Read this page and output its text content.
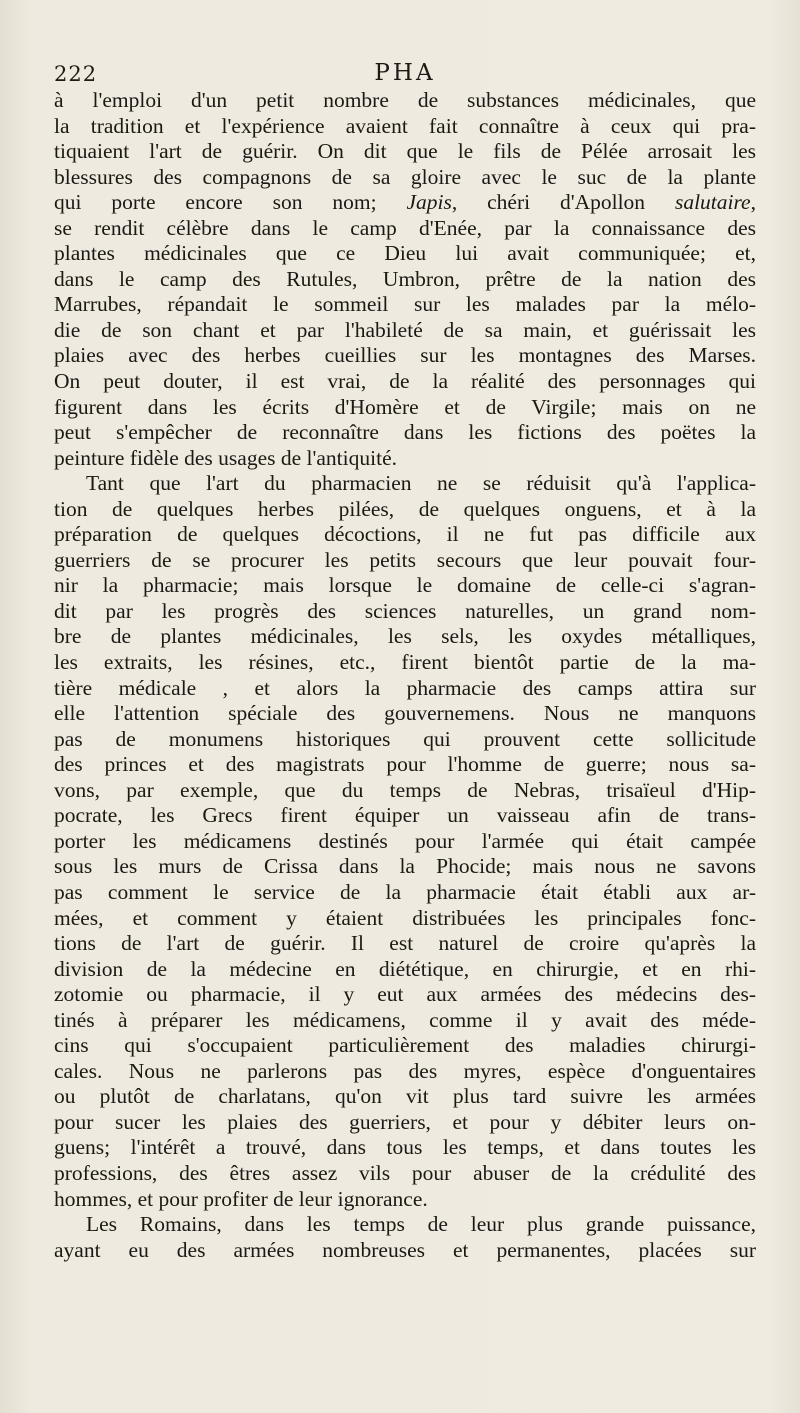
222	PHA
à l'emploi d'un petit nombre de substances médicinales, que
la tradition et l'expérience avaient fait connaître à ceux qui pra-
tiquaient l'art de guérir. On dit que le fils de Pélée arrosait les
blessures des compagnons de sa gloire avec le suc de la plante
qui porte encore son nom; Japis, chéri d'Apollon salutaire,
se rendit célèbre dans le camp d'Enée, par la connaissance des
plantes médicinales que ce Dieu lui avait communiquée; et,
dans le camp des Rutules, Umbron, prêtre de la nation des
Marrubes, répandait le sommeil sur les malades par la mélo-
die de son chant et par l'habileté de sa main, et guérissait les
plaies avec des herbes cueillies sur les montagnes des Marses.
On peut douter, il est vrai, de la réalité des personnages qui
figurent dans les écrits d'Homère et de Virgile; mais on ne
peut s'empêcher de reconnaître dans les fictions des poëtes la
peinture fidèle des usages de l'antiquité.
Tant que l'art du pharmacien ne se réduisit qu'à l'applica-
tion de quelques herbes pilées, de quelques onguens, et à la
préparation de quelques décoctions, il ne fut pas difficile aux
guerriers de se procurer les petits secours que leur pouvait four-
nir la pharmacie; mais lorsque le domaine de celle-ci s'agran-
dit par les progrès des sciences naturelles, un grand nom-
bre de plantes médicinales, les sels, les oxydes métalliques,
les extraits, les résines, etc., firent bientôt partie de la ma-
tière médicale , et alors la pharmacie des camps attira sur
elle l'attention spéciale des gouvernemens. Nous ne manquons
pas de monumens historiques qui prouvent cette sollicitude
des princes et des magistrats pour l'homme de guerre; nous sa-
vons, par exemple, que du temps de Nebras, trisaïeul d'Hip-
pocrate, les Grecs firent équiper un vaisseau afin de trans-
porter les médicamens destinés pour l'armée qui était campée
sous les murs de Crissa dans la Phocide; mais nous ne savons
pas comment le service de la pharmacie était établi aux ar-
mées, et comment y étaient distribuées les principales fonc-
tions de l'art de guérir. Il est naturel de croire qu'après la
division de la médecine en diététique, en chirurgie, et en rhi-
zotomie ou pharmacie, il y eut aux armées des médecins des-
tinés à préparer les médicamens, comme il y avait des méde-
cins qui s'occupaient particulièrement des maladies chirurgi-
cales. Nous ne parlerons pas des myres, espèce d'onguentaires
ou plutôt de charlatans, qu'on vit plus tard suivre les armées
pour sucer les plaies des guerriers, et pour y débiter leurs on-
guens; l'intérêt a trouvé, dans tous les temps, et dans toutes les
professions, des êtres assez vils pour abuser de la crédulité des
hommes, et pour profiter de leur ignorance.
Les Romains, dans les temps de leur plus grande puissance,
ayant eu des armées nombreuses et permanentes, placées sur
